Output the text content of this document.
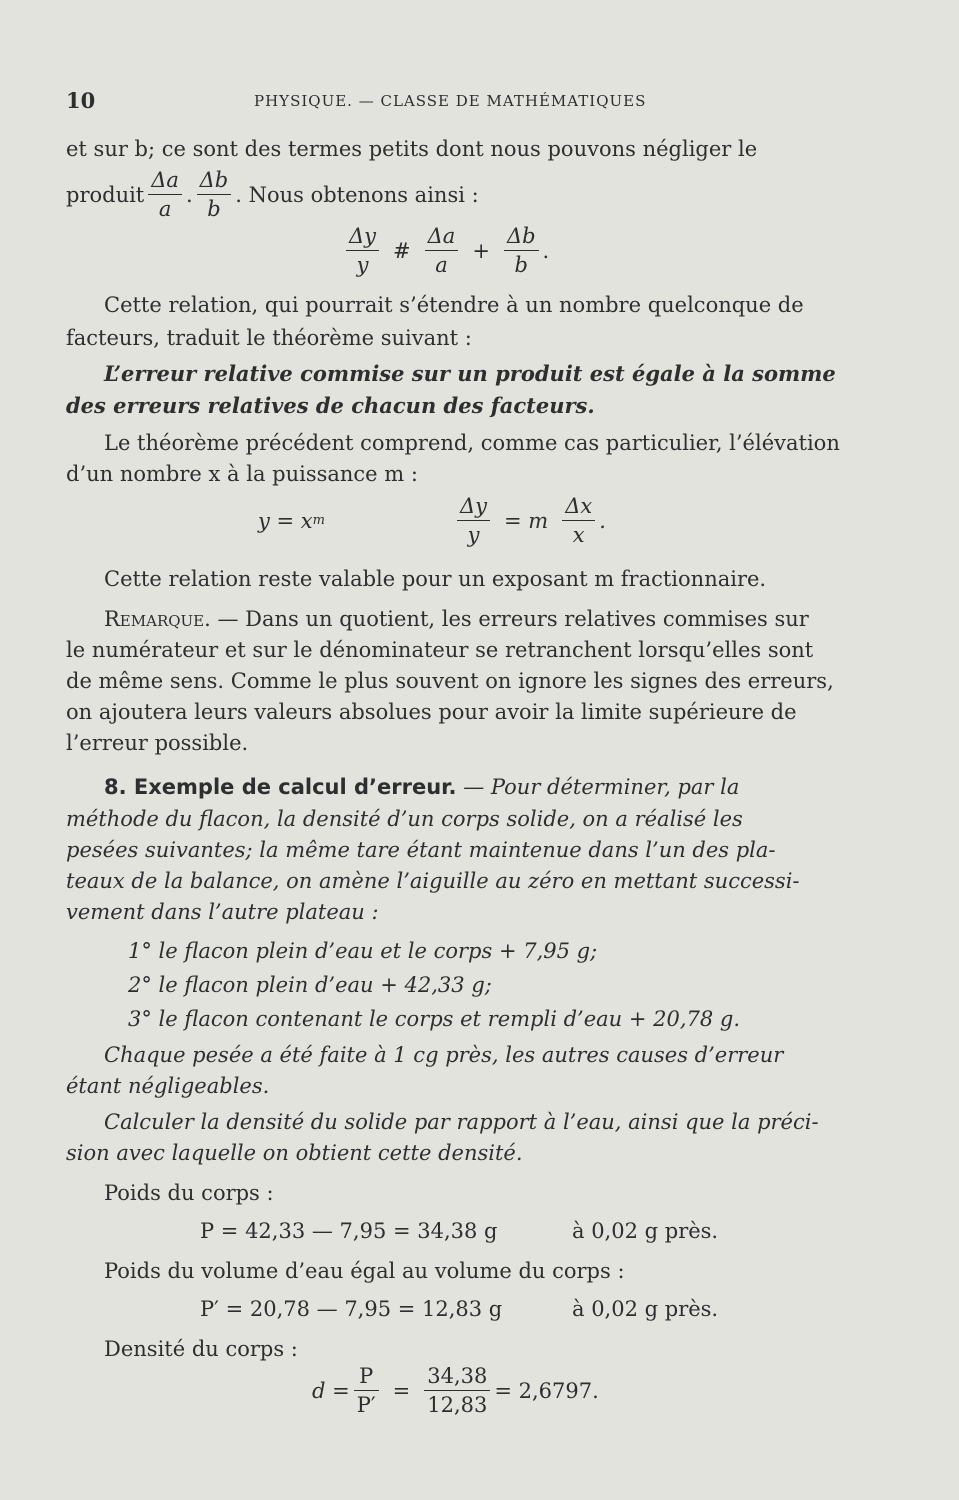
10	PHYSIQUE. — CLASSE DE MATHÉMATIQUES
et sur b; ce sont des termes petits dont nous pouvons négliger le
produit $\frac{\Delta a}{a}$ . $\frac{\Delta b}{b}$ . Nous obtenons ainsi :
$\frac{\Delta y}{y}$ # $\frac{\Delta a}{a} + \frac{\Delta b}{b}$ .
Cette relation, qui pourrait s’étendre à un nombre quelconque de
facteurs, traduit le théorème suivant :
L’erreur relative commise sur un produit est égale à la somme
des erreurs relatives de chacun des facteurs.
Le théorème précédent comprend, comme cas particulier, l’élévation
d’un nombre x à la puissance m :
y = x m	$\frac{\Delta y}{y} = m \frac{\Delta x}{x}$ .
Cette relation reste valable pour un exposant m fractionnaire.
Remarque. — Dans un quotient, les erreurs relatives commises sur
le numérateur et sur le dénominateur se retranchent lorsqu’elles sont
de même sens. Comme le plus souvent on ignore les signes des erreurs,
on ajoutera leurs valeurs absolues pour avoir la limite supérieure de
l’erreur possible.
8. Exemple de calcul d’erreur. — Pour déterminer, par la
méthode du flacon, la densité d’un corps solide, on a réalisé les
pesées suivantes; la même tare étant maintenue dans l’un des pla-
teaux de la balance, on amène l’aiguille au zéro en mettant successi-
vement dans l’autre plateau :
1° le flacon plein d’eau et le corps + 7,95 g;
2° le flacon plein d’eau + 42,33 g;
3° le flacon contenant le corps et rempli d’eau + 20,78 g.
Chaque pesée a été faite à 1 cg près, les autres causes d’erreur
étant négligeables.
Calculer la densité du solide par rapport à l’eau, ainsi que la préci-
sion avec laquelle on obtient cette densité.
Poids du corps :
P = 42,33 — 7,95 = 34,38 g	à 0,02 g près.
Poids du volume d’eau égal au volume du corps :
P′ = 20,78 — 7,95 = 12,83 g	à 0,02 g près.
Densité du corps :
$d = \frac{P}{P'} = \frac{34,38}{12,83} = 2,6797$.
